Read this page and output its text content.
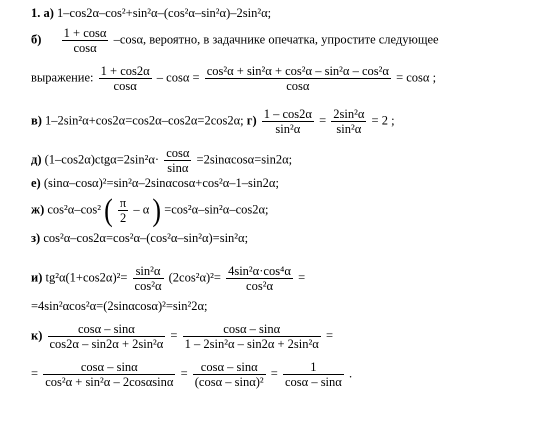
1. а) 1–cos2α–cos²+sin²α–(cos²α–sin²α)–2sin²α;
$б) \frac{1 + \cos\alpha}{\cos\alpha} -\cos\alpha$, вероятно, в задачнике опечатка, упростите следующее
выражение: $\frac{1 + \cos 2\alpha}{\cos\alpha} - \cos\alpha = \frac{\text{cos²α + sin²α + cos²α – sin²α – cos²α}}{\cos\alpha} = \cos\alpha$ ;
в) 1–2sin²α+cos2α=cos2α–cos2α=2cos2α; $г) \frac{1 - \cos 2\alpha}{\text{sin²α}} = \frac{\text{2sin²α}}{\text{sin²α}} = 2$ ;
д) $(1-\cos 2\alpha)ctg\alpha=2\sin^2\alpha\cdot \frac{\cos\alpha}{\sin\alpha} =2\sin\alpha\cos\alpha=\sin 2\alpha$;
е) (sinα–cosα)²=sin²α–2sinαcosα+cos²α–1–sin2α;
ж) cos²α–cos² ( $\frac{\pi}{2}$ – α ) =cos²α–sin²α–cos2α;
з) cos²α–cos2α=cos²α–(cos²α–sin²α)=sin²α;
и) $tg^2\alpha(1+\cos 2\alpha)^2= \frac{\text{sin²α}}{\text{cos²α}} (2\cos^2\alpha)^2= \frac{\text{4sin²α·cos⁴α}}{\text{cos²α}}$ =
=4sin²αcos²α=(2sinαcosα)²=sin²2α;
$к) \frac{\cos\alpha - \sin\alpha}{\text{cos2α – sin2α + 2sin²α}} = \frac{\cos\alpha - \sin\alpha}{\text{1 – 2sin²α – sin2α + 2sin²α}}$ =
= $\frac{\cos\alpha - \sin\alpha}{\text{cos²α + sin²α – 2cosαsinα}} = \frac{\cos\alpha - \sin\alpha}{\text{(cosα – sinα)²}} = \frac{1}{\cos\alpha - \sin\alpha}$ .
